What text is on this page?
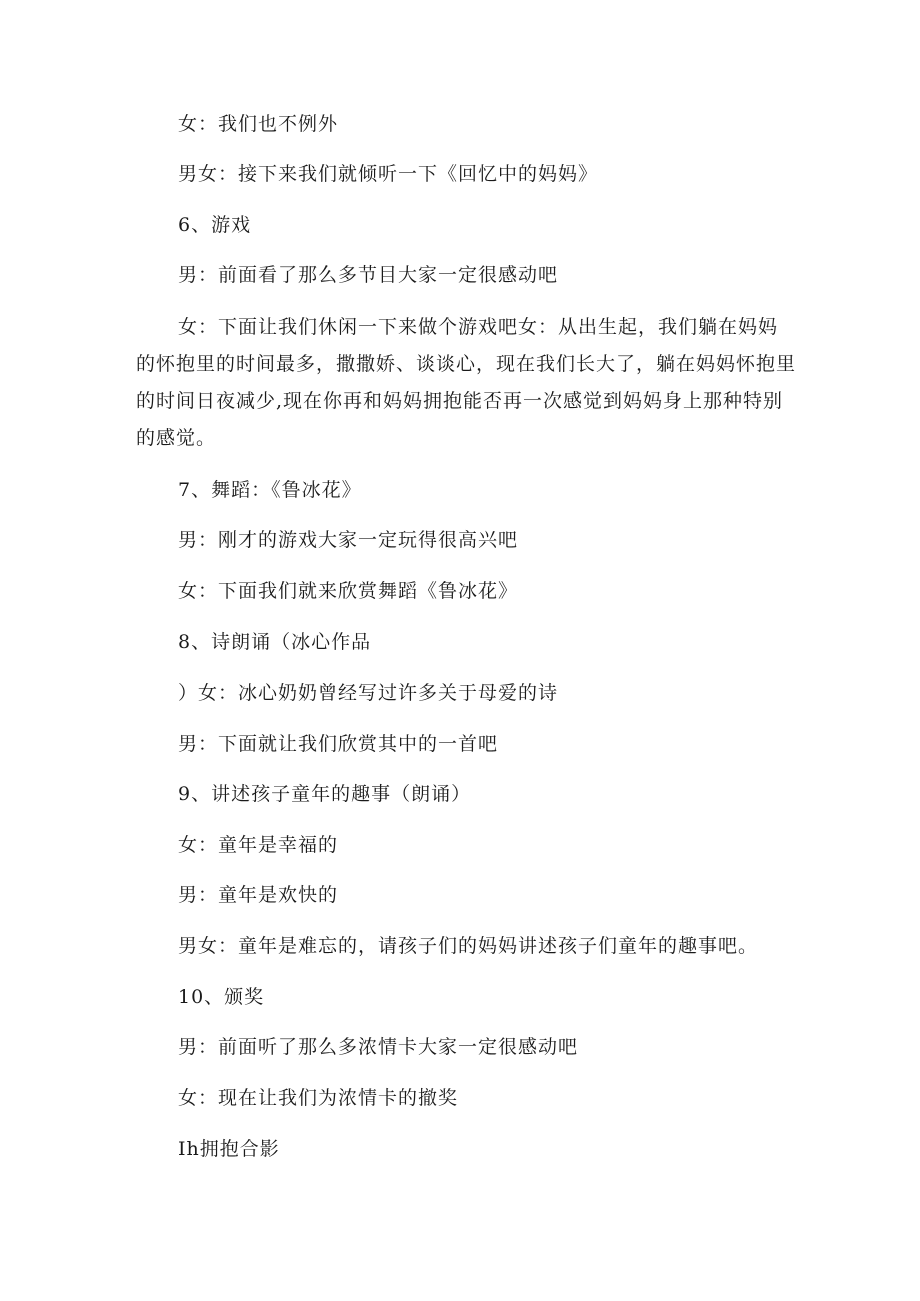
女：我们也不例外
男女：接下来我们就倾听一下《回忆中的妈妈》
6、游戏
男：前面看了那么多节目大家一定很感动吧
女：下面让我们休闲一下来做个游戏吧女：从出生起，我们躺在妈妈的怀抱里的时间最多，撒撒娇、谈谈心，现在我们长大了，躺在妈妈怀抱里的时间日夜减少,现在你再和妈妈拥抱能否再一次感觉到妈妈身上那种特别的感觉。
7、舞蹈：《鲁冰花》
男：刚才的游戏大家一定玩得很高兴吧
女：下面我们就来欣赏舞蹈《鲁冰花》
8、诗朗诵（冰心作品
）女：冰心奶奶曾经写过许多关于母爱的诗
男：下面就让我们欣赏其中的一首吧
9、讲述孩子童年的趣事（朗诵）
女：童年是幸福的
男：童年是欢快的
男女：童年是难忘的，请孩子们的妈妈讲述孩子们童年的趣事吧。
10、颁奖
男：前面听了那么多浓情卡大家一定很感动吧
女：现在让我们为浓情卡的撤奖
Ih拥抱合影
